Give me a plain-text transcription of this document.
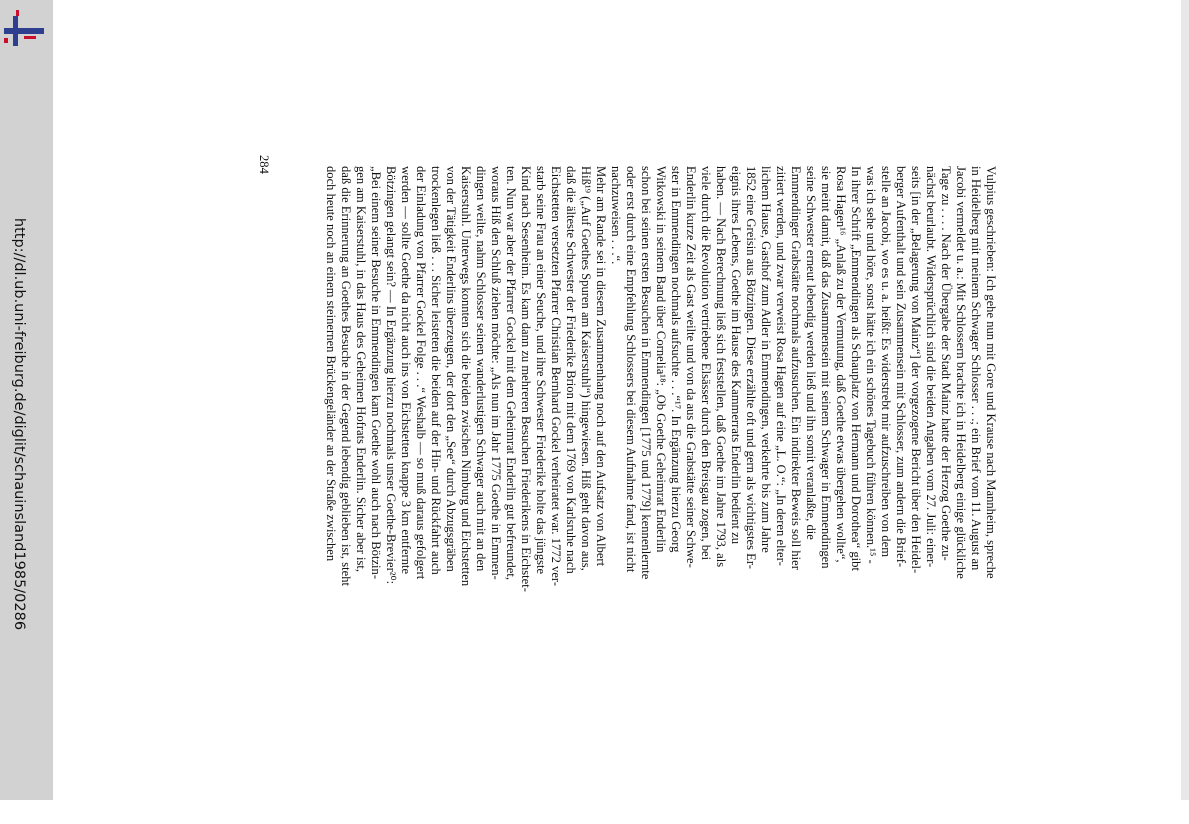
http://dl.ub.uni-freiburg.de/diglit/schauinsland1985/0286
284
Vulpius geschrieben: Ich gehe nun mit Gore und Krause nach Mannheim, spreche
in Heidelberg mit meinem Schwager Schlosser . . .; ein Brief vom 11. August an
Jacobi vermeldet u. a.: Mit Schlossern brachte ich in Heidelberg einige glückliche
Tage zu . . . . Nach der Übergabe der Stadt Mainz hatte der Herzog Goethe zu-
nächst beurlaubt. Widersprüchlich sind die beiden Angaben vom 27. Juli: einer-
seits [in der „Belagerung von Mainz“] der vorgezogene Bericht über den Heidel-
berger Aufenthalt und sein Zusammensein mit Schlosser, zum andern die Brief-
stelle an Jacobi, wo es u. a. heißt: Es widerstrebt mir aufzuschreiben von dem
was ich sehe und höre, sonst hätte ich ein schönes Tagebuch führen können.¹⁵ -
In ihrer Schrift „Emmendingen als Schauplatz von Hermann und Dorothea“ gibt
Rosa Hagen¹⁶ „Anlaß zu der Vermutung, daß Goethe etwas übergehen wollte“,
sie meint damit, daß das Zusammensein mit seinem Schwager in Emmendingen
seine Schwester erneut lebendig werden ließ und ihn somit veranlaßte, die
Emmendinger Grabstätte nochmals aufzusuchen. Ein indirekter Beweis soll hier
zitiert werden, und zwar verweist Rosa Hagen auf eine „L. O.“: „In deren elter-
lichem Hause, Gasthof zum Adler in Emmendingen, verkehrte bis zum Jahre
1852 eine Greisin aus Bötzingen. Diese erzählte oft und gern als wichtigstes Er-
eignis ihres Lebens, Goethe im Hause des Kammerrats Enderlin bedient zu
haben. — Nach Berechnung ließ sich feststellen, daß Goethe im Jahre 1793, als
viele durch die Revolution vertriebene Elsässer durch den Breisgau zogen, bei
Enderlin kurze Zeit als Gast weilte und von da aus die Grabstätte seiner Schwe-
ster in Emmendingen nochmals aufsuchte . . .“¹⁷. In Ergänzung hierzu Georg
Witkowski in seinem Band über Cornelia¹⁸: „Ob Goethe Geheimrat Enderlin
schon bei seinen ersten Besuchen in Emmendingen [1775 und 1779] kennenlernte
oder erst durch eine Empfehlung Schlossers bei diesem Aufnahme fand, ist nicht
nachzuweisen . . .“.
Mehr am Rande sei in diesem Zusammenhang noch auf den Aufsatz von Albert
Hiß¹⁹ („Auf Goethes Spuren am Kaiserstuhl“) hingewiesen. Hiß geht davon aus,
daß die älteste Schwester der Friederike Brion mit dem 1769 von Karlsruhe nach
Eichstetten versetzten Pfarrer Christian Bernhard Gockel verheiratet war. 1772 ver-
starb seine Frau an einer Seuche, und ihre Schwester Friederike holte das jüngste
Kind nach Sesenheim. Es kam dann zu mehreren Besuchen Friederikens in Eichstet-
ten. Nun war aber der Pfarrer Gockel mit dem Geheimrat Enderlin gut befreundet,
woraus Hiß den Schluß ziehen möchte: „Als nun im Jahr 1775 Goethe in Emmen-
dingen weilte, nahm Schlosser seinen wanderlustigen Schwager auch mit an den
Kaiserstuhl. Unterwegs konnten sich die beiden zwischen Nimburg und Eichstetten
von der Tätigkeit Enderlins überzeugen, der dort den „See“ durch Abzugsgräben
trockenlegen ließ . . . Sicher leisteten die beiden auf der Hin- und Rückfahrt auch
der Einladung von Pfarrer Gockel Folge . . .“ Weshalb — so muß daraus gefolgert
werden — sollte Goethe da nicht auch ins von Eichstetten knappe 3 km entfernte
Bötzingen gelangt sein? — In Ergänzung hierzu nochmals unser Goethe-Brevier²⁰:
„Bei einem seiner Besuche in Emmendingen kam Goethe wohl auch nach Bötzin-
gen am Kaiserstuhl, in das Haus des Geheimen Hofrats Enderlin. Sicher aber ist,
daß die Erinnerung an Goethes Besuche in der Gegend lebendig geblieben ist, steht
doch heute noch an einem steinernen Brückengeländer an der Straße zwischen
